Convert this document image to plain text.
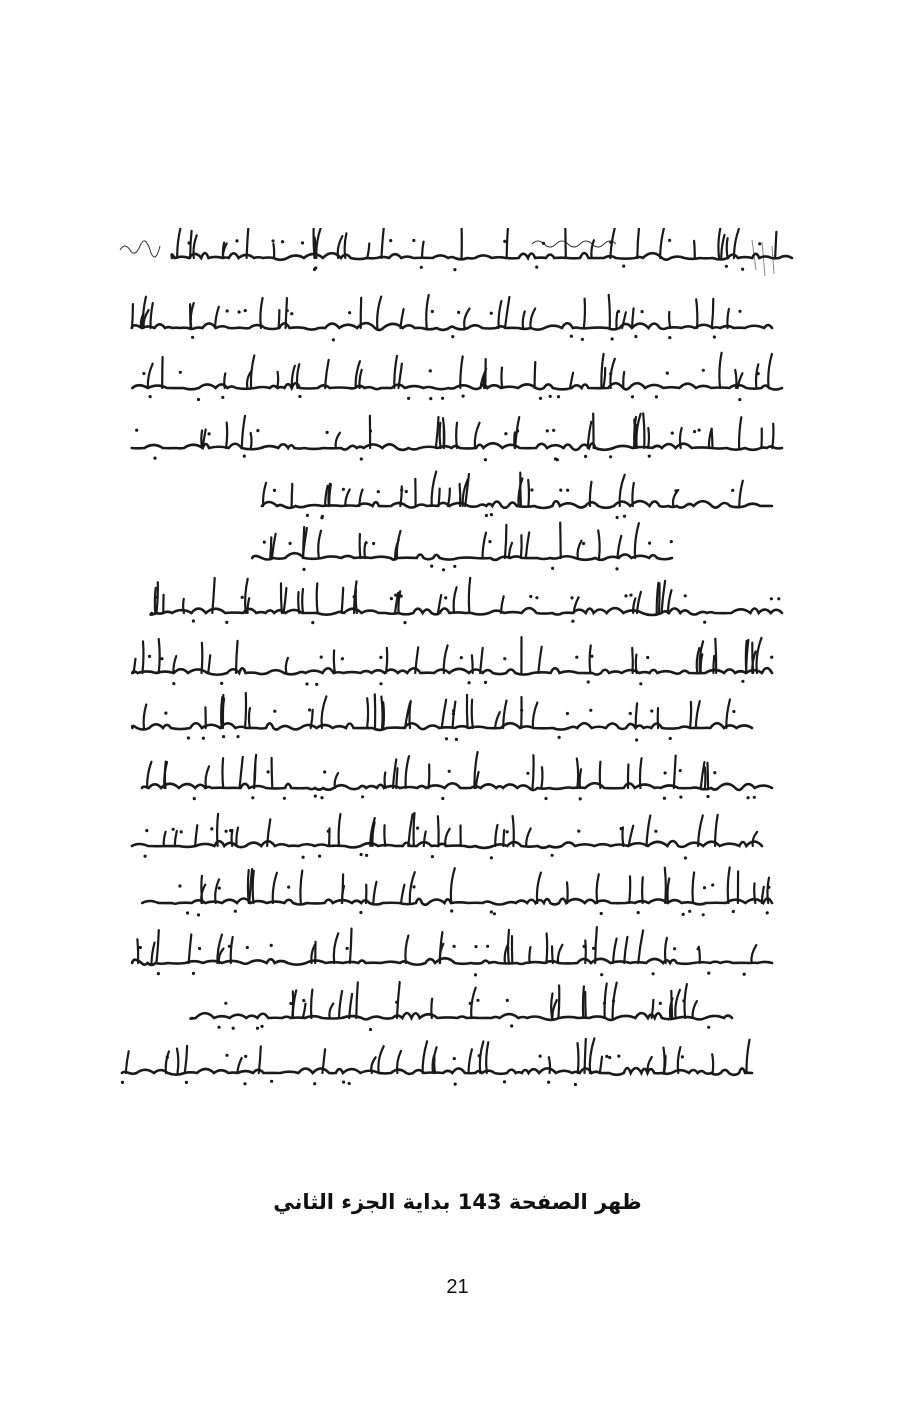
ظهر الصفحة 143 بداية الجزء الثاني
21
